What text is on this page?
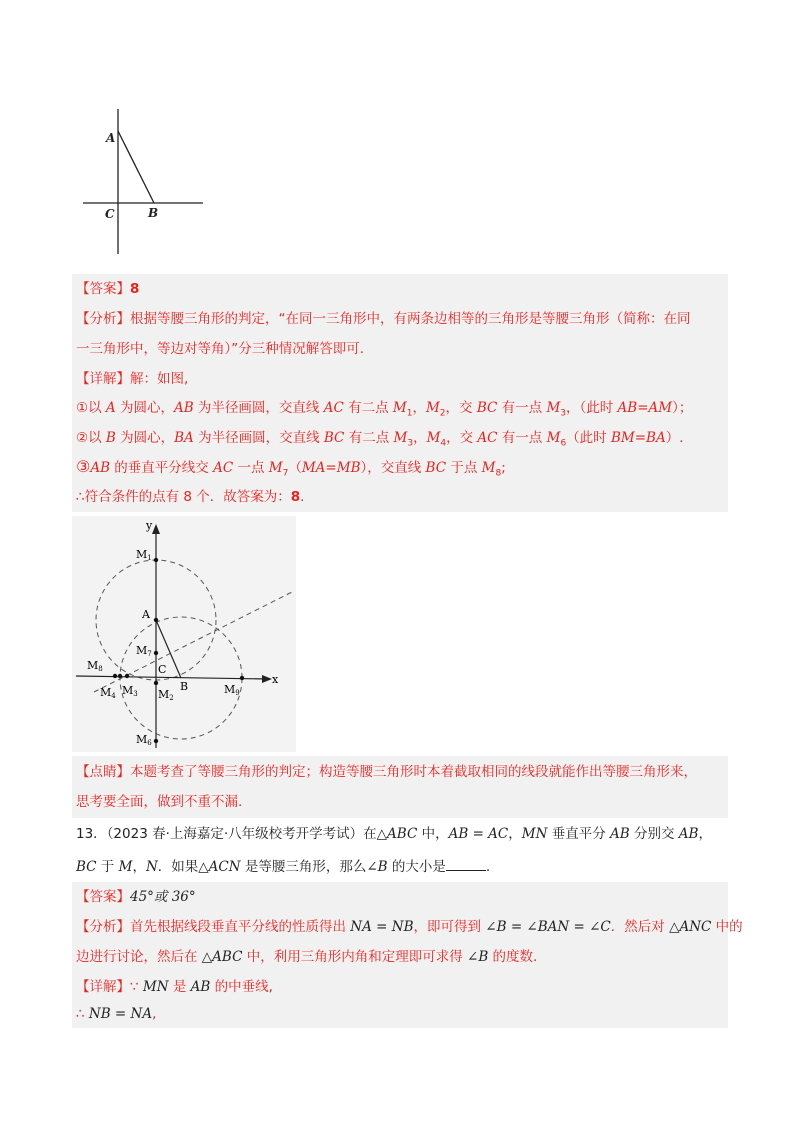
A
C	B
【答案】8
【分析】根据等腰三角形的判定，“在同一三角形中，有两条边相等的三角形是等腰三角形（简称：在同
一三角形中，等边对等角）”分三种情况解答即可.
【详解】解：如图,
①以 A 为圆心，AB 为半径画圆，交直线 AC 有二点 $M_1$，$M_2$，交 BC 有一点 $M_3$，（此时 AB=AM）；
②以 B 为圆心，BA 为半径画圆，交直线 BC 有二点 $M_3$，$M_4$，交 AC 有一点 $M_6$（此时 BM=BA）.
③AB 的垂直平分线交 AC 一点 $M_7(MA=MB)$，交直线 BC 于点 $M_8$;
∴符合条件的点有 8 个．故答案为：8.
y
x
A
B
C
M1
M7
M8
M4 M3 M2
M9
M6
【点睛】本题考查了等腰三角形的判定；构造等腰三角形时本着截取相同的线段就能作出等腰三角形来，
思考要全面，做到不重不漏.
13．（2023 春·上海嘉定·八年级校考开学考试）在△ABC 中，AB = AC，MN 垂直平分 AB 分别交 AB，
BC 于 M，N．如果△ACN 是等腰三角形，那么∠B 的大小是	.
【答案】45°或 36°
【分析】首先根据线段垂直平分线的性质得出 NA = NB，即可得到 ∠B = ∠BAN = ∠C．然后对 △ANC 中的
边进行讨论，然后在 △ABC 中，利用三角形内角和定理即可求得 ∠B 的度数.
【详解】∵ MN 是 AB 的中垂线,
∴ NB = NA,
